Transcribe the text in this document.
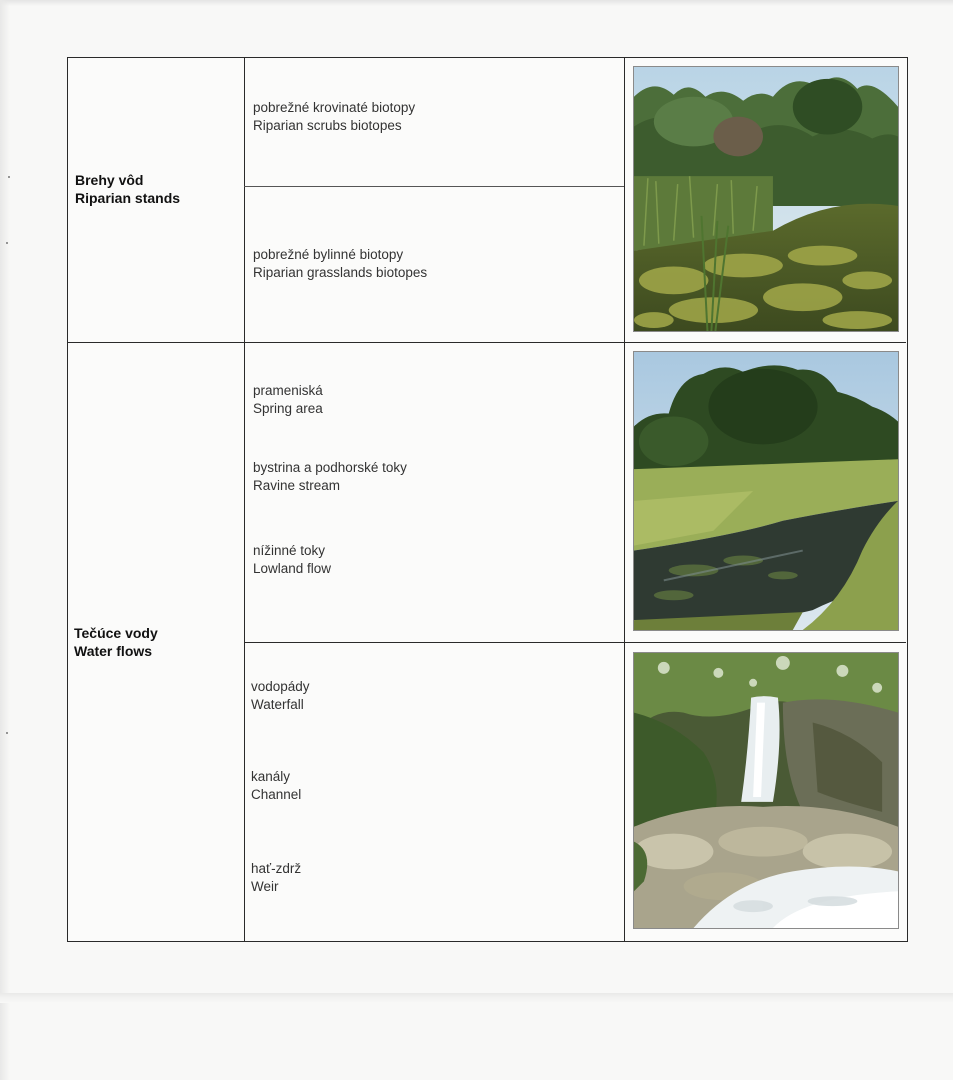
Brehy vôd
Riparian stands
pobrežné krovinaté biotopy
Riparian scrubs biotopes
pobrežné bylinné biotopy
Riparian grasslands biotopes
Tečúce vody
Water flows
prameniská
Spring area
bystrina a podhorské toky
Ravine stream
nížinné toky
Lowland flow
vodopády
Waterfall
kanály
Channel
hať-zdrž
Weir
